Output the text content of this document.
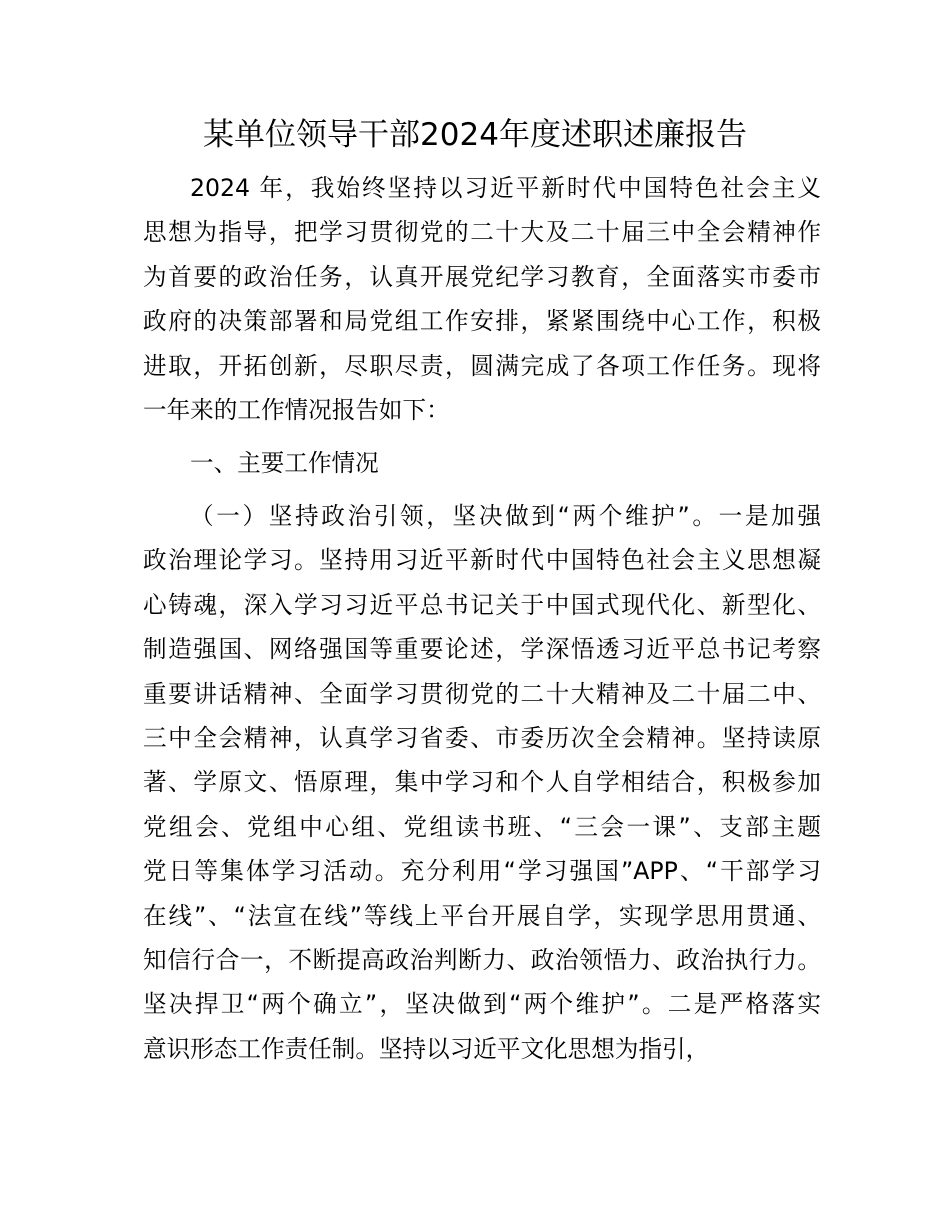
某单位领导干部2024年度述职述廉报告
2024 年，我始终坚持以习近平新时代中国特色社会主义
思想为指导，把学习贯彻党的二十大及二十届三中全会精神作
为首要的政治任务，认真开展党纪学习教育，全面落实市委市
政府的决策部署和局党组工作安排，紧紧围绕中心工作，积极
进取，开拓创新，尽职尽责，圆满完成了各项工作任务。现将
一年来的工作情况报告如下：
一、主要工作情况
（一）坚持政治引领，坚决做到“两个维护”。一是加强
政治理论学习。坚持用习近平新时代中国特色社会主义思想凝
心铸魂，深入学习习近平总书记关于中国式现代化、新型化、
制造强国、网络强国等重要论述，学深悟透习近平总书记考察
重要讲话精神、全面学习贯彻党的二十大精神及二十届二中、
三中全会精神，认真学习省委、市委历次全会精神。坚持读原
著、学原文、悟原理，集中学习和个人自学相结合，积极参加
党组会、党组中心组、党组读书班、“三会一课”、支部主题
党日等集体学习活动。充分利用“学习强国”APP、“干部学习
在线”、“法宣在线”等线上平台开展自学，实现学思用贯通、
知信行合一，不断提高政治判断力、政治领悟力、政治执行力。
坚决捍卫“两个确立”，坚决做到“两个维护”。二是严格落实
意识形态工作责任制。坚持以习近平文化思想为指引，
